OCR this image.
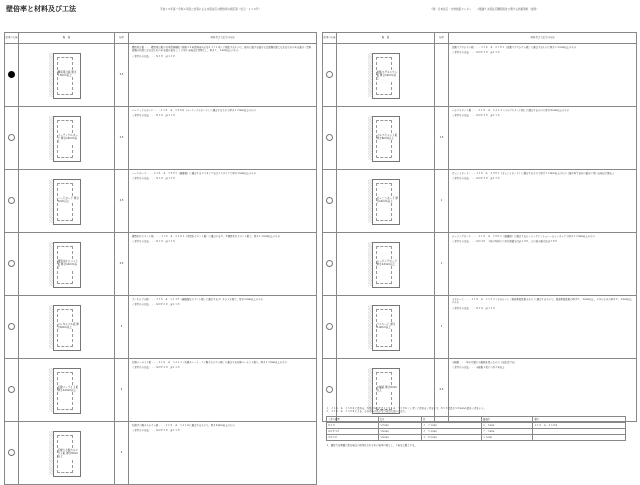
壁倍率と材料及び工法	平成１８年度〜令和４年度公告等による木造住宅の壁倍率の規定等（告示・１１０号）	（財）日本住宅・木材技術センター　　２階建て木造住宅構造設計に関する技術資料（抜粋）
使用の有無	略　図	倍率	材料及び工法等の内容

	構造用合板 厚さ7.5mm以上	2.5	構造用合板・・・構造用合板の日本農林規格（昭和４４年農林省告示第１３７１号）に規定するもので、屋外に面する部分又は湿潤状態となるおそれのある部分（常時湿潤の状態となるおそれのある部分を除く。）に用いる場合は特類とし、厚さ７．５ｍｍ以上のもの

くぎ打ちの方法・・・Ｎ５０　＠１５０

	パーティクルボード 厚さ12mm以上	2.5	パーティクルボード・・・ＪＩＳ　Ａ　５９０８（パーティクルボード）に適合するもので厚さ１２ｍｍ以上のもの

くぎ打ちの方法・・・Ｎ５０　＠１５０

	ハードボード 厚さ5mm以上	2.5	ハードボード・・・ＪＩＳ　Ａ　５９０７（繊維板）に適合する３５タイプ又は４５タイプで厚さ５ｍｍ以上のもの

くぎ打ちの方法・・・Ｎ５０　＠１５０

	硬質木片セメント板 厚さ12mm以上	2.5	硬質木片セメント板・・・ＪＩＳ　Ａ　５４０４（木質系セメント板）に適合する０．９硬質木片セメント板で、厚さ１２ｍｍ以上のもの

くぎ打ちの方法・・・Ｎ５０　＠１５０

	フレキシブル板 厚さ6mm以上	2	フレキシブル板・・・ＪＩＳ　Ａ　５４３０（繊維強化セメント板）に適合するフレキシブル板で、厚さ６ｍｍ以上のもの

くぎ打ちの方法・・・ＧＮＦ４０　＠１５０

	石綿パーライト板 厚さ12mm以上	2	石綿パーライト板・・・ＪＩＳ　Ａ　５４１３（石綿スレート・ケイ酸カルシウム板）に適合する石綿パーライト板で、厚さ１２ｍｍ以上のもの

くぎ打ちの方法・・・ＧＮＦ４０　＠１５０

	石綿ケイ酸カルシウム板 厚さ8mm以上	2	石綿けい酸カルシウム板・・・ＪＩＳ　Ａ　５４１８に適合するもので、厚さ８ｍｍ以上のもの

くぎ打ちの方法・・・ＧＮＦ４０　＠１５０

使用の有無	略　図	倍率	材料及び工法等の内容

	炭酸マグネシウム板 厚さ12mm以上		炭酸マグネシウム板・・・ＪＩＳ　Ａ　６７０１（炭酸マグネシウム板）に適合するもので厚さ１２ｍｍ以上のもの

くぎ打ちの方法・・・ＧＮＦ４０　＠１５０

	パルプセメント板 厚さ8mm以上	1.5	パルプセメント板・・・ＪＩＳ　Ａ　５４１４（パルプセメント板）に適合するもので厚さ８ｍｍ以上のもの

くぎ打ちの方法・・・ＧＮＦ４０　＠１５０

	せっこうボード 厚さ12mm以上	1	せっこうボード・・・ＪＩＳ　Ａ　６９０１（せっこうボード）に適合するもので厚さ１２ｍｍ以上のもの（屋外壁等以外の部分に用いる場合に限る。）

くぎ打ちの方法・・・ＧＮＦ４０　＠１５０

	シージングボード 厚さ12mm以上	1	シージングボード・・・ＪＩＳ　Ａ　５９０５（繊維板）に適合するシージングインシュレーションボードで厚さ１２ｍｍ以上のもの

くぎ打ちの方法・・・ＳＮ４０　１枚の壁材につき外周部分は＠１００、その他の部分は＠２００

	ラスシート 厚さ0.4mm以上	1	ラスシート・・・ＪＩＳ　Ａ　５５２４（ラスシート（角波亜鉛鉄板ラス））に適合するもので、角波亜鉛鉄板の厚さ０．４ｍｍ以上、メタルラスの厚さ０．６ｍｍ以上のもの

くぎ打ちの方法・・・Ｎ３８　＠１５０

	小幅板 厚さ9mm以上	0.5	小幅板・・・壁の片面に小幅板を張ったもの（貫を設ける）

くぎ打ちの方法・・・小幅板１枚につき２本以上

１．ＪＩＳ　Ａ　５５０８に定める、Ｎ及びＧＮＦはＪＩＳ　Ａ　５５０８（くぎ）に定めるくぎを示す。Ｎ５０は長さ５０ｍｍの鉄丸くぎをいう。
２．ＪＩＳ　Ａ　５５０８による、それぞれの長さ及び径は次表のとおり。
くぎの種類	長さ	径	頭部径	備考
Ｎ５０	５０ｍｍ	２．７５ｍｍ	６．６ｍｍ	ＪＩＳ　Ａ　５５０８
ＧＮＦ４０	３８ｍｍ	２．３４ｍｍ	７．５ｍｍ	
ＳＮ４０	３８ｍｍ	３．０５ｍｍ	１１ｍｍ	
３．面材等を両面に張る場合の倍率はそれぞれの倍率の和とし、５倍を上限とする。
